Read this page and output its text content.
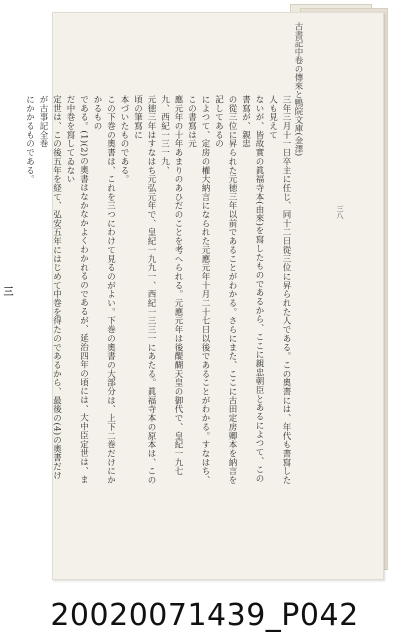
古書記中卷の傳來と鴨院文庫(金澤)
三八

三年三月十一日卒主に任じ、同十二日從三位に昇られた人である。この奧書には、年代も書寫した人も見えて

ないが、皆故實の眞福寺本(由來)を寫したものであるから、ここに親忠朝臣とあるによつて、この書寫が、親忠

の從三位に昇られた元徳三年以前であることがわかる。さらにまた、ここに古田定房卿本を納言を記してあるの

によつて、定房の權大納言になられた元應元年十月二十七日以後であることがわかる。すなはち、この書寫は元

應元年の十年あまりのあひだのことを考へられる。元應元年は後醍醐天皇の御代で、皇紀一九七九、西紀一三一九、

元徳三年はすなはち元弘元年で、皇紀一九九一、西紀一三三一にあたる。眞福寺本の原本は、この頃の筆寫に

本づいたものである。

この下巻の奧書は、これを三つにわけて見るのがよい。下巻の奧書の大部分は、上下二巻だけにかかるもの

である。(1)(2)の奧書はなかなかよくわかれるのであるが、延治四年の頃には、大中臣定世は、まだ中巻を寫してゐない

定世は、この後五年を経て、弘安五年にはじめて中巻を得たのであるから、最後の(4)の奧書だけが古事記全巻

にかかるものである。

三

20020071439_P042
